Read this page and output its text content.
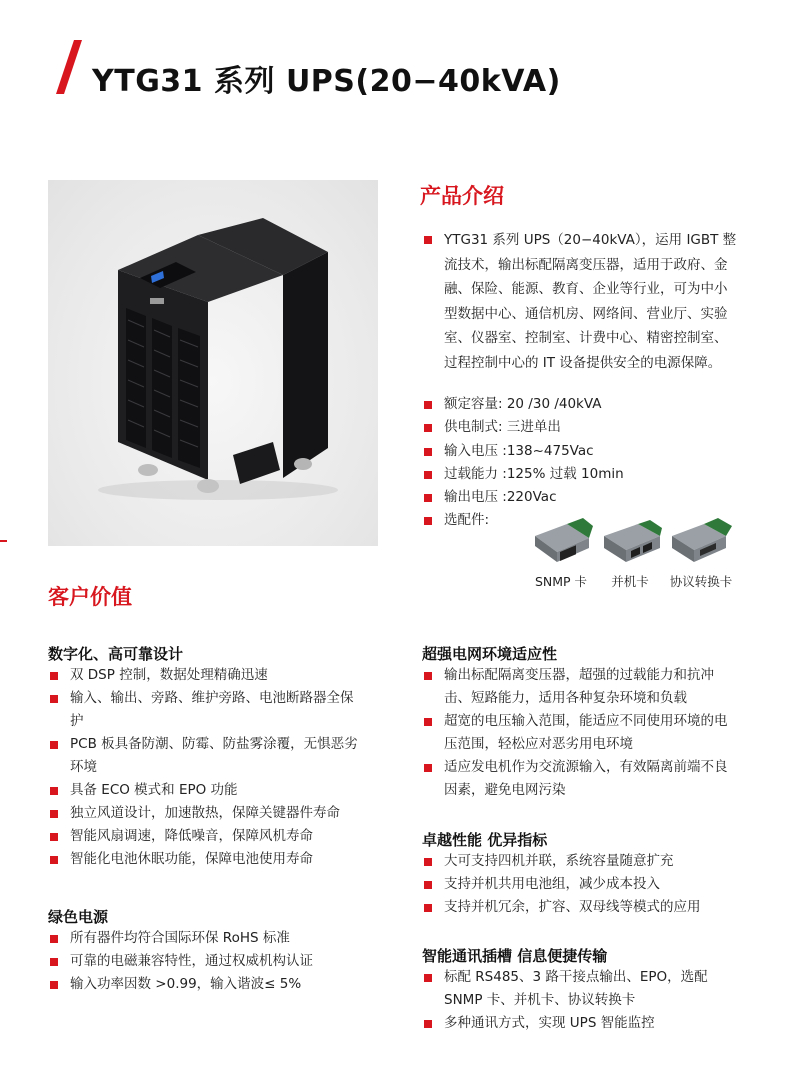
YTG31 系列 UPS(20−40kVA)
产品介绍
YTG31 系列 UPS（20−40kVA），运用 IGBT 整流技术，输出标配隔离变压器，适用于政府、金融、保险、能源、教育、企业等行业，可为中小型数据中心、通信机房、网络间、营业厅、实验室、仪器室、控制室、计费中心、精密控制室、过程控制中心的 IT 设备提供安全的电源保障。
额定容量: 20 /30 /40kVA
供电制式: 三进单出
输入电压 :138~475Vac
过载能力 :125% 过载 10min
输出电压 :220Vac
选配件:
SNMP 卡	并机卡	协议转换卡
客户价值
数字化、高可靠设计
双 DSP 控制，数据处理精确迅速
输入、输出、旁路、维护旁路、电池断路器全保护
PCB 板具备防潮、防霉、防盐雾涂覆，无惧恶劣环境
具备 ECO 模式和 EPO 功能
独立风道设计，加速散热，保障关键器件寿命
智能风扇调速，降低噪音，保障风机寿命
智能化电池休眠功能，保障电池使用寿命
绿色电源
所有器件均符合国际环保 RoHS 标准
可靠的电磁兼容特性，通过权威机构认证
输入功率因数 >0.99，输入谐波≤ 5%
超强电网环境适应性
输出标配隔离变压器，超强的过载能力和抗冲击、短路能力，适用各种复杂环境和负载
超宽的电压输入范围，能适应不同使用环境的电压范围，轻松应对恶劣用电环境
适应发电机作为交流源输入，有效隔离前端不良因素，避免电网污染
卓越性能 优异指标
大可支持四机并联，系统容量随意扩充
支持并机共用电池组，减少成本投入
支持并机冗余，扩容、双母线等模式的应用
智能通讯插槽 信息便捷传输
标配 RS485、3 路干接点输出、EPO，选配 SNMP 卡、并机卡、协议转换卡
多种通讯方式，实现 UPS 智能监控
